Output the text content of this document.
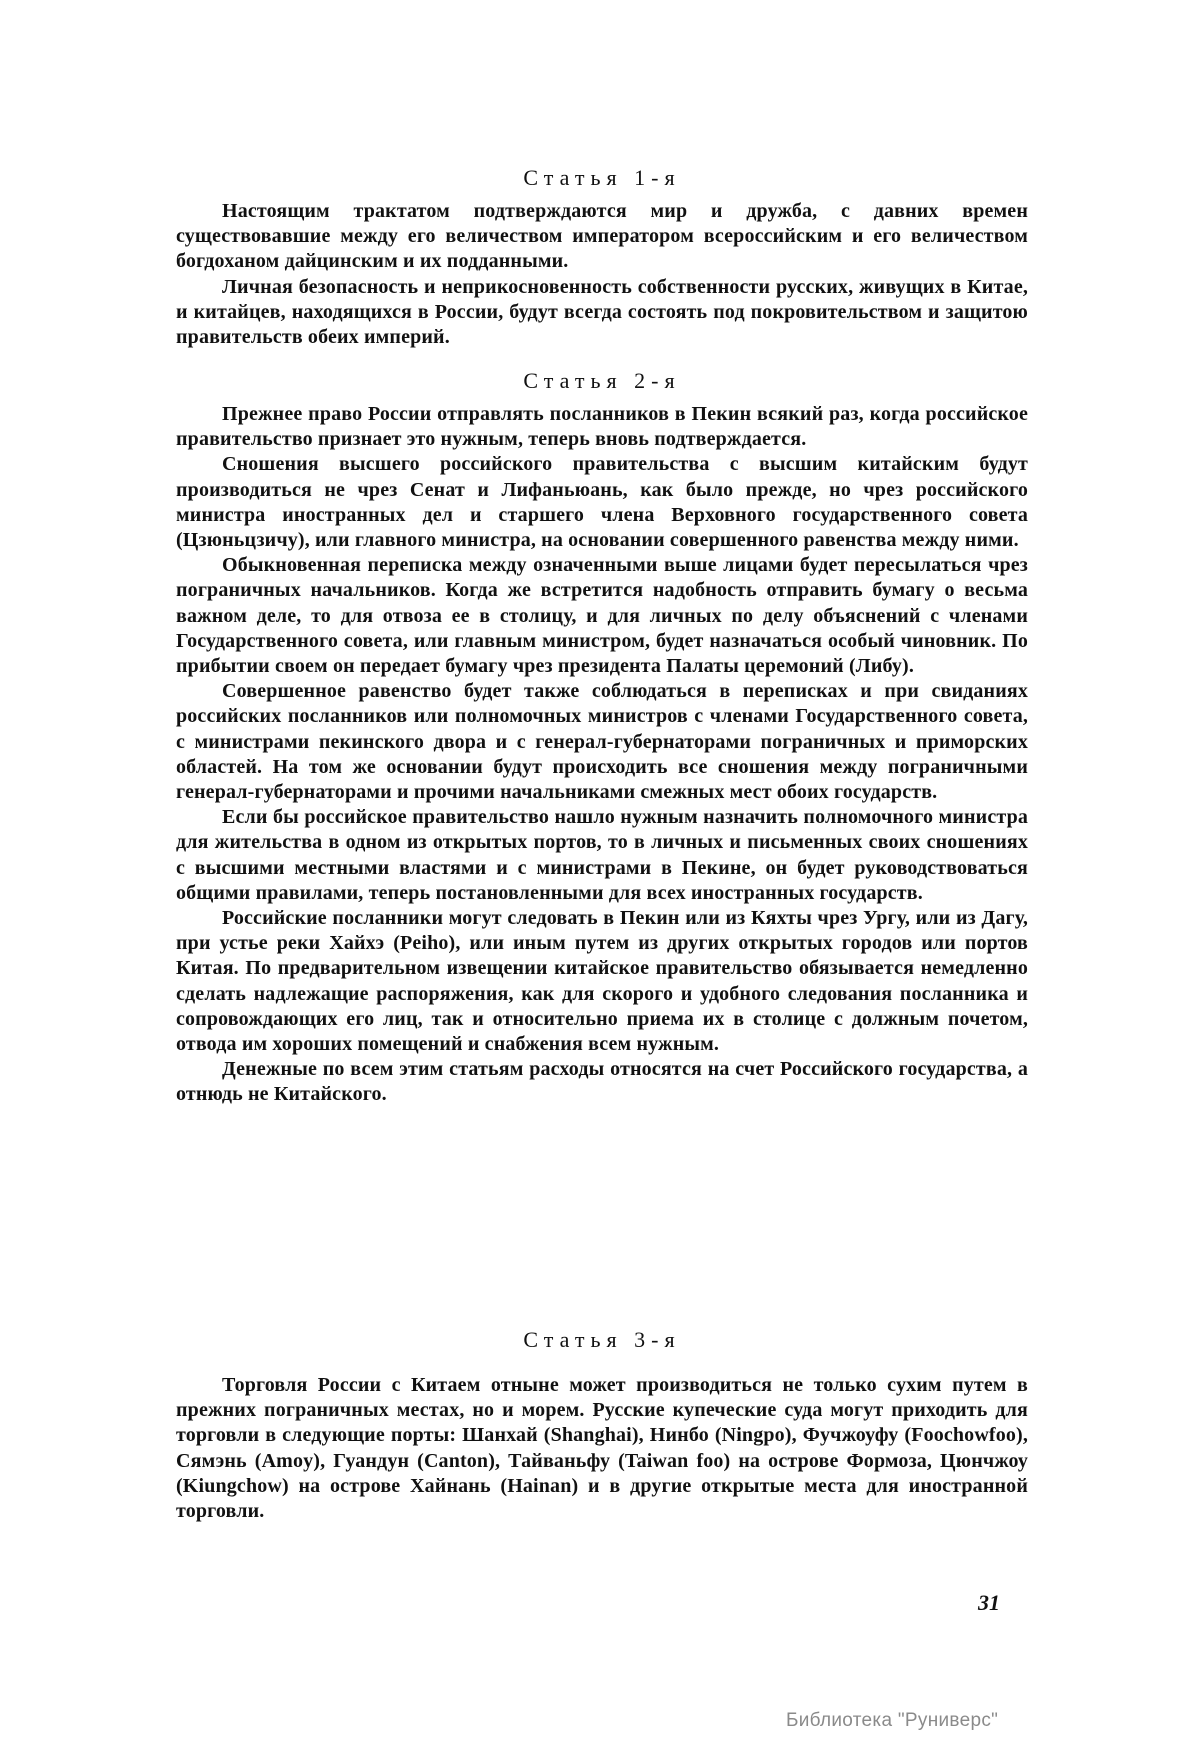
Статья 1-я

Настоящим трактатом подтверждаются мир и дружба, с давних времен существовавшие между его величеством императором всероссийским и его величеством богдоханом дайцинским и их подданными.

Личная безопасность и неприкосновенность собственности русских, живущих в Китае, и китайцев, находящихся в России, будут всегда состоять под покровительством и защитою правительств обеих империй.

Статья 2-я

Прежнее право России отправлять посланников в Пекин всякий раз, когда российское правительство признает это нужным, теперь вновь подтверждается.

Сношения высшего российского правительства с высшим китайским будут производиться не чрез Сенат и Лифаньюань, как было прежде, но чрез российского министра иностранных дел и старшего члена Верховного государственного совета (Цзюньцзичу), или главного министра, на основании совершенного равенства между ними.

Обыкновенная переписка между означенными выше лицами будет пересылаться чрез пограничных начальников. Когда же встретится надобность отправить бумагу о весьма важном деле, то для отвоза ее в столицу, и для личных по делу объяснений с членами Государственного совета, или главным министром, будет назначаться особый чиновник. По прибытии своем он передает бумагу чрез президента Палаты церемоний (Либу).

Совершенное равенство будет также соблюдаться в переписках и при свиданиях российских посланников или полномочных министров с членами Государственного совета, с министрами пекинского двора и с генерал-губернаторами пограничных и приморских областей. На том же основании будут происходить все сношения между пограничными генерал-губернаторами и прочими начальниками смежных мест обоих государств.

Если бы российское правительство нашло нужным назначить полномочного министра для жительства в одном из открытых портов, то в личных и письменных своих сношениях с высшими местными властями и с министрами в Пекине, он будет руководствоваться общими правилами, теперь постановленными для всех иностранных государств.

Российские посланники могут следовать в Пекин или из Кяхты чрез Ургу, или из Дагу, при устье реки Хайхэ (Peiho), или иным путем из других открытых городов или портов Китая. По предварительном извещении китайское правительство обязывается немедленно сделать надлежащие распоряжения, как для скорого и удобного следования посланника и сопровождающих его лиц, так и относительно приема их в столице с должным почетом, отвода им хороших помещений и снабжения всем нужным.

Денежные по всем этим статьям расходы относятся на счет Российского государства, а отнюдь не Китайского.

Статья 3-я

Торговля России с Китаем отныне может производиться не только сухим путем в прежних пограничных местах, но и морем. Русские купеческие суда могут приходить для торговли в следующие порты: Шанхай (Shanghai), Нинбо (Ningpo), Фучжоуфу (Foochowfoo), Сямэнь (Amoy), Гуандун (Canton), Тайваньфу (Taiwan foo) на острове Формоза, Цюнчжоу (Kiungchow) на острове Хайнань (Hainan) и в другие открытые места для иностранной торговли.

31
Библиотека "Руниверс"
